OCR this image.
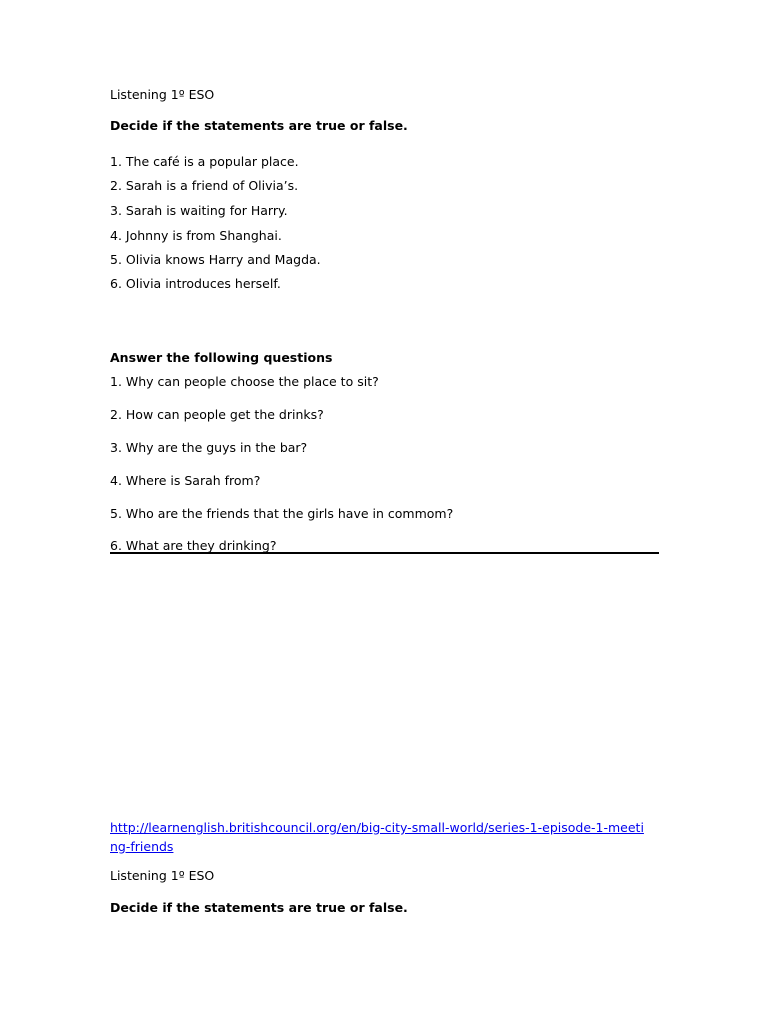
Listening 1º ESO
Decide if the statements are true or false.
1. The café is a popular place.
2. Sarah is a friend of Olivia’s.
3. Sarah is waiting for Harry.
4. Johnny is from Shanghai.
5. Olivia knows Harry and Magda.
6. Olivia introduces herself.
Answer the following questions
1. Why can people choose the place to sit?
2. How can people get the drinks?
3. Why are the guys in the bar?
4. Where is Sarah from?
5. Who are the friends that the girls have in commom?
6. What are they drinking?
http://learnenglish.britishcouncil.org/en/big-city-small-world/series-1-episode-1-meeting-friends
Listening 1º ESO
Decide if the statements are true or false.
